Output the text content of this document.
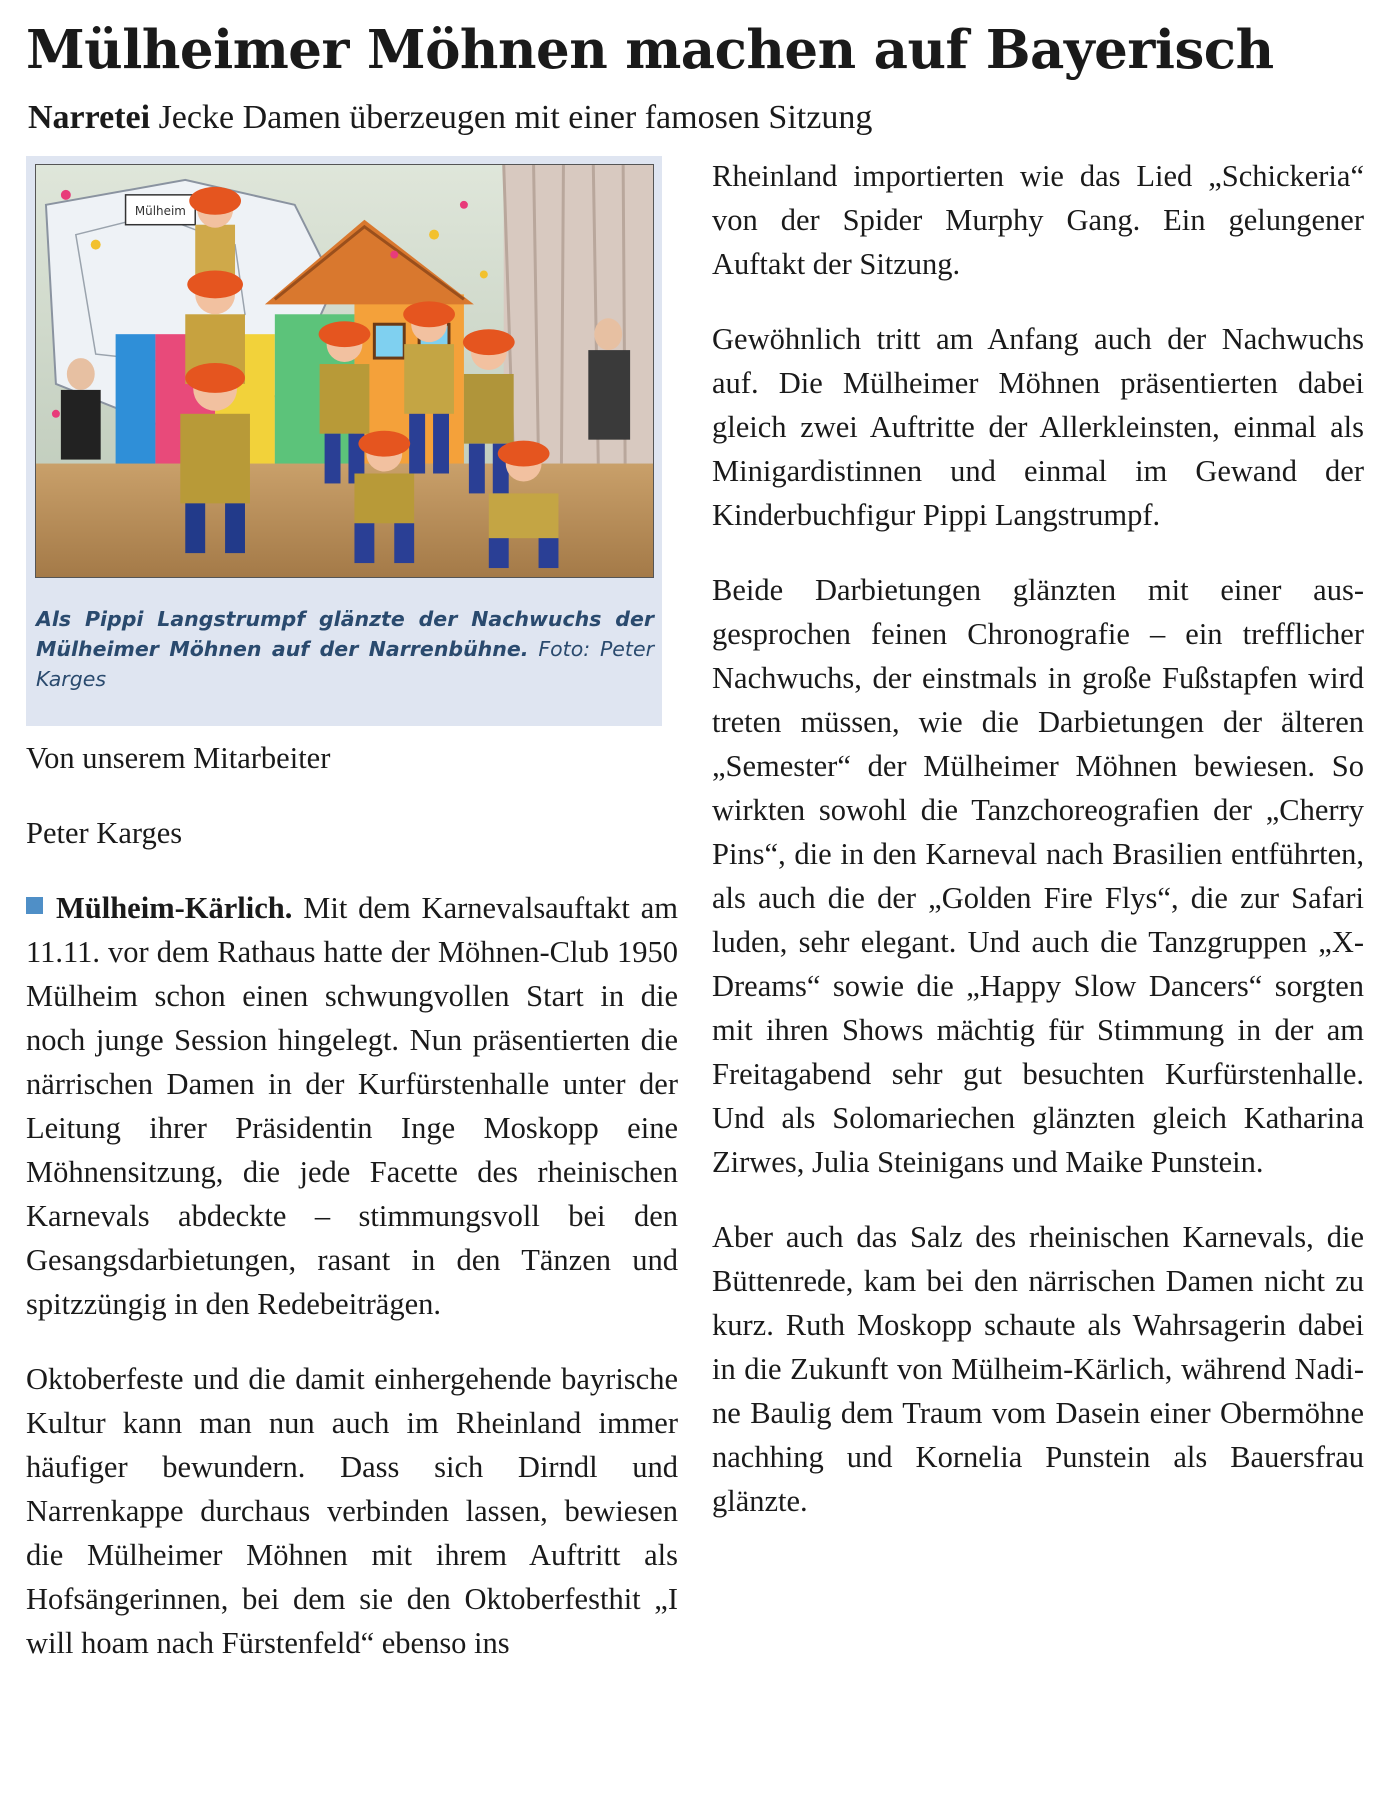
Mülheimer Möhnen machen auf Bayerisch

Narretei Jecke Damen überzeugen mit einer famosen Sitzung

Mülheim
Als Pippi Langstrumpf glänzte der Nachwuchs der Mülheimer Möhnen auf der Narrenbühne. Foto: Peter Karges

Von unserem Mitarbeiter

Peter Karges

Mülheim-Kärlich. Mit dem Karnevalsauftakt am 11.11. vor dem Rathaus hatte der Möhnen-Club 1950 Mülheim schon einen schwungvollen Start in die noch junge Session hingelegt. Nun präsentierten die närrischen Damen in der Kurfürstenhalle unter der Leitung ihrer Präsidentin Inge Moskopp eine Möhnensitzung, die jede Facette des rheinischen Karnevals abdeckte – stimmungsvoll bei den Gesangsdarbietungen, rasant in den Tänzen und spitzzüngig in den Redebeiträgen.

Oktoberfeste und die damit einhergehende bayrische Kultur kann man nun auch im Rheinland immer häufiger bewundern. Dass sich Dirndl und Narrenkappe durchaus verbinden lassen, bewiesen die Mülheimer Möhnen mit ihrem Auftritt als Hofsängerinnen, bei dem sie den Oktoberfesthit „I will hoam nach Fürstenfeld“ ebenso ins

Rheinland importierten wie das Lied „Schickeria“ von der Spider Murphy Gang. Ein gelungener Auftakt der Sitzung.

Gewöhnlich tritt am Anfang auch der Nachwuchs auf. Die Mülheimer Möhnen präsentierten dabei gleich zwei Auftritte der Allerkleinsten, einmal als Minigardistinnen und einmal im Gewand der Kinderbuchfigur Pippi Langstrumpf.

Beide Darbietungen glänzten mit einer ausgesprochen feinen Chronografie – ein trefflicher Nachwuchs, der einstmals in große Fußstapfen wird treten müssen, wie die Darbietungen der älteren „Semester“ der Mülheimer Möhnen bewiesen. So wirkten sowohl die Tanzchoreografien der „Cherry Pins“, die in den Karneval nach Brasilien entführten, als auch die der „Golden Fire Flys“, die zur Safari luden, sehr elegant. Und auch die Tanzgruppen „X-Dreams“ sowie die „Happy Slow Dancers“ sorgten mit ihren Shows mächtig für Stimmung in der am Freitagabend sehr gut besuchten Kurfürstenhalle. Und als Solomariechen glänzten gleich Katharina Zirwes, Julia Steinigans und Maike Punstein.

Aber auch das Salz des rheinischen Karnevals, die Büttenrede, kam bei den närrischen Damen nicht zu kurz. Ruth Moskopp schaute als Wahrsagerin dabei in die Zukunft von Mülheim-Kärlich, während Nadine Baulig dem Traum vom Dasein einer Obermöhne nachhing und Kornelia Punstein als Bauersfrau glänzte.
